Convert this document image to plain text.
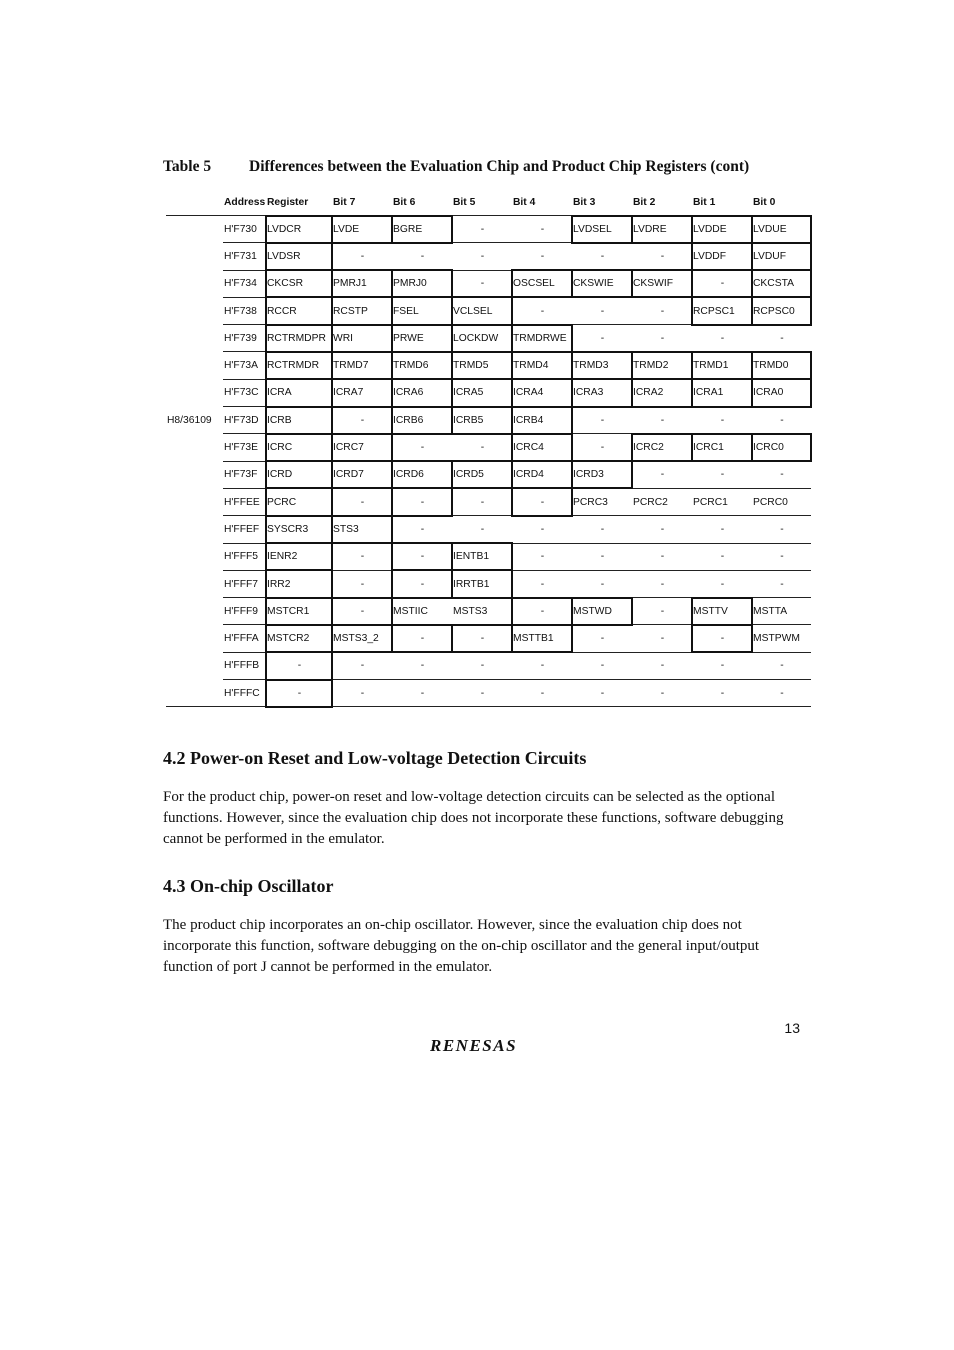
Table 5 Differences between the Evaluation Chip and Product Chip Registers (cont)
	Address	Register	Bit 7	Bit 6	Bit 5	Bit 4	Bit 3	Bit 2	Bit 1	Bit 0
	H'F730	LVDCR	LVDE	BGRE	-	-	LVDSEL	LVDRE	LVDDE	LVDUE
	H'F731	LVDSR	-	-	-	-	-	-	LVDDF	LVDUF
	H'F734	CKCSR	PMRJ1	PMRJ0	-	OSCSEL	CKSWIE	CKSWIF	-	CKCSTA
	H'F738	RCCR	RCSTP	FSEL	VCLSEL	-	-	-	RCPSC1	RCPSC0
	H'F739	RCTRMDPR	WRI	PRWE	LOCKDW	TRMDRWE	-	-	-	-
	H'F73A	RCTRMDR	TRMD7	TRMD6	TRMD5	TRMD4	TRMD3	TRMD2	TRMD1	TRMD0
	H'F73C	ICRA	ICRA7	ICRA6	ICRA5	ICRA4	ICRA3	ICRA2	ICRA1	ICRA0
H8/36109	H'F73D	ICRB	-	ICRB6	ICRB5	ICRB4	-	-	-	-
	H'F73E	ICRC	ICRC7	-	-	ICRC4	-	ICRC2	ICRC1	ICRC0
	H'F73F	ICRD	ICRD7	ICRD6	ICRD5	ICRD4	ICRD3	-	-	-
	H'FFEE	PCRC	-	-	-	-	PCRC3	PCRC2	PCRC1	PCRC0
	H'FFEF	SYSCR3	STS3	-	-	-	-	-	-	-
	H'FFF5	IENR2	-	-	IENTB1	-	-	-	-	-
	H'FFF7	IRR2	-	-	IRRTB1	-	-	-	-	-
	H'FFF9	MSTCR1	-	MSTIIC	MSTS3	-	MSTWD	-	MSTTV	MSTTA
	H'FFFA	MSTCR2	MSTS3_2	-	-	MSTTB1	-	-	-	MSTPWM
	H'FFFB	-	-	-	-	-	-	-	-	-
	H'FFFC	-	-	-	-	-	-	-	-	-
4.2 Power-on Reset and Low-voltage Detection Circuits

For the product chip, power-on reset and low-voltage detection circuits can be selected as the optional functions. However, since the evaluation chip does not incorporate these functions, software debugging cannot be performed in the emulator.

4.3 On-chip Oscillator

The product chip incorporates an on-chip oscillator. However, since the evaluation chip does not incorporate this function, software debugging on the on-chip oscillator and the general input/output function of port J cannot be performed in the emulator.

13
RENESAS
